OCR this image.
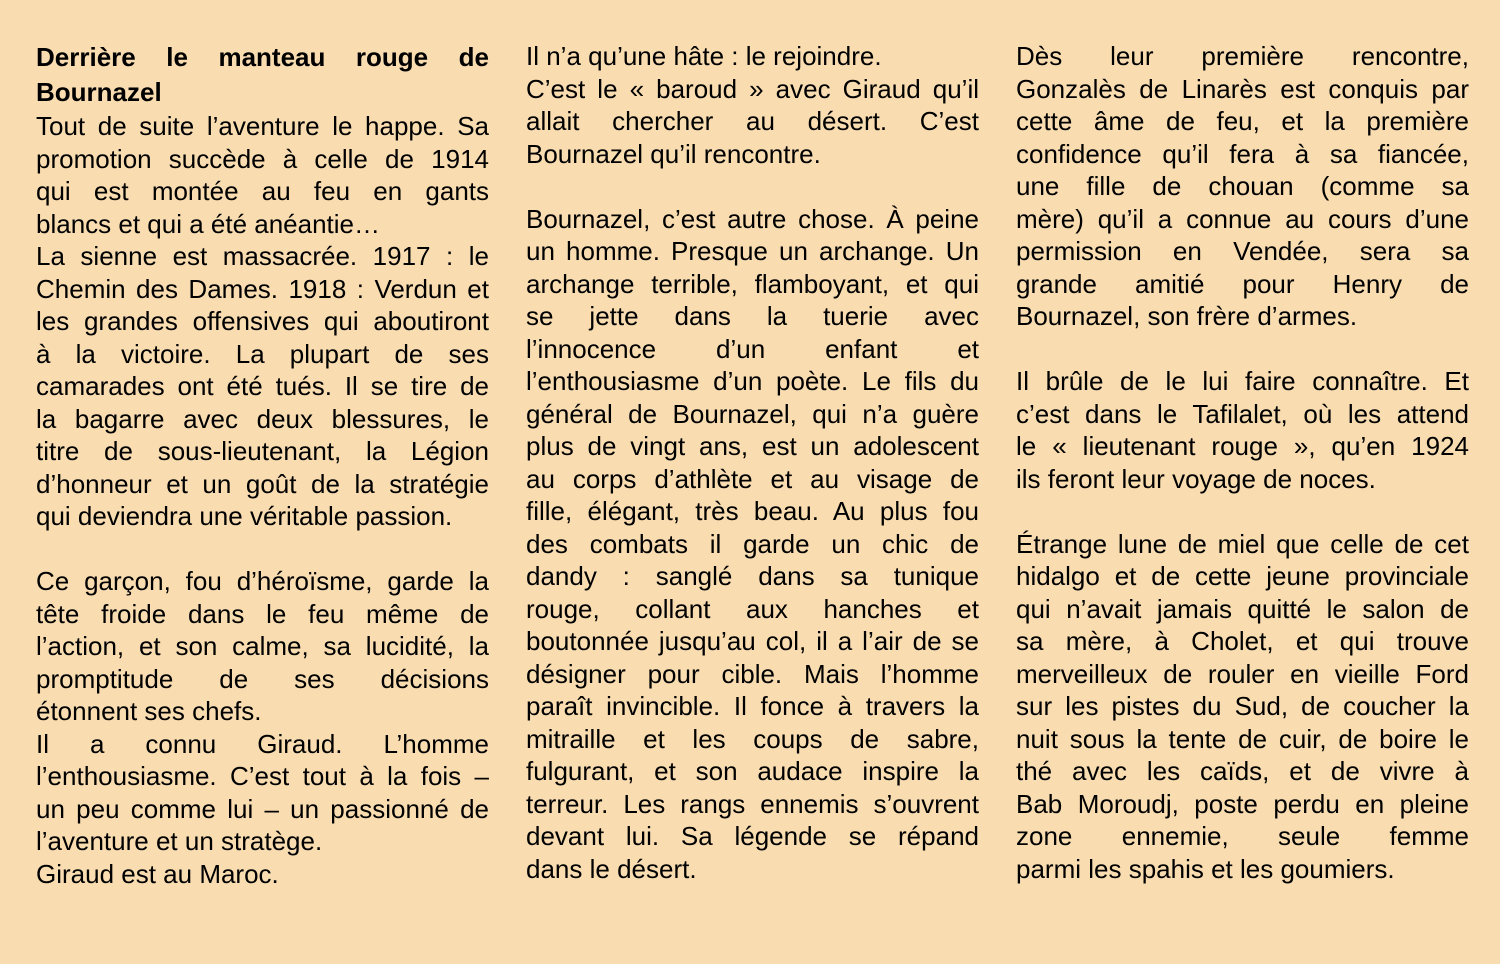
Derrière le manteau rouge de
Bournazel
Tout de suite l’aventure le happe. Sa
promotion succède à celle de 1914
qui est montée au feu en gants
blancs et qui a été anéantie…
La sienne est massacrée. 1917 : le
Chemin des Dames. 1918 : Verdun et
les grandes offensives qui aboutiront
à la victoire. La plupart de ses
camarades ont été tués. Il se tire de
la bagarre avec deux blessures, le
titre de sous-lieutenant, la Légion
d’honneur et un goût de la stratégie
qui deviendra une véritable passion.
Ce garçon, fou d’héroïsme, garde la
tête froide dans le feu même de
l’action, et son calme, sa lucidité, la
promptitude de ses décisions
étonnent ses chefs.
Il a connu Giraud. L’homme
l’enthousiasme. C’est tout à la fois –
un peu comme lui – un passionné de
l’aventure et un stratège.
Giraud est au Maroc.
Il n’a qu’une hâte : le rejoindre.
C’est le « baroud » avec Giraud qu’il
allait chercher au désert. C’est
Bournazel qu’il rencontre.
Bournazel, c’est autre chose. À peine
un homme. Presque un archange. Un
archange terrible, flamboyant, et qui
se jette dans la tuerie avec
l’innocence d’un enfant et
l’enthousiasme d’un poète. Le fils du
général de Bournazel, qui n’a guère
plus de vingt ans, est un adolescent
au corps d’athlète et au visage de
fille, élégant, très beau. Au plus fou
des combats il garde un chic de
dandy : sanglé dans sa tunique
rouge, collant aux hanches et
boutonnée jusqu’au col, il a l’air de se
désigner pour cible. Mais l’homme
paraît invincible. Il fonce à travers la
mitraille et les coups de sabre,
fulgurant, et son audace inspire la
terreur. Les rangs ennemis s’ouvrent
devant lui. Sa légende se répand
dans le désert.
Dès leur première rencontre,
Gonzalès de Linarès est conquis par
cette âme de feu, et la première
confidence qu’il fera à sa fiancée,
une fille de chouan (comme sa
mère) qu’il a connue au cours d’une
permission en Vendée, sera sa
grande amitié pour Henry de
Bournazel, son frère d’armes.
Il brûle de le lui faire connaître. Et
c’est dans le Tafilalet, où les attend
le « lieutenant rouge », qu’en 1924
ils feront leur voyage de noces.
Étrange lune de miel que celle de cet
hidalgo et de cette jeune provinciale
qui n’avait jamais quitté le salon de
sa mère, à Cholet, et qui trouve
merveilleux de rouler en vieille Ford
sur les pistes du Sud, de coucher la
nuit sous la tente de cuir, de boire le
thé avec les caïds, et de vivre à
Bab Moroudj, poste perdu en pleine
zone ennemie, seule femme
parmi les spahis et les goumiers.
